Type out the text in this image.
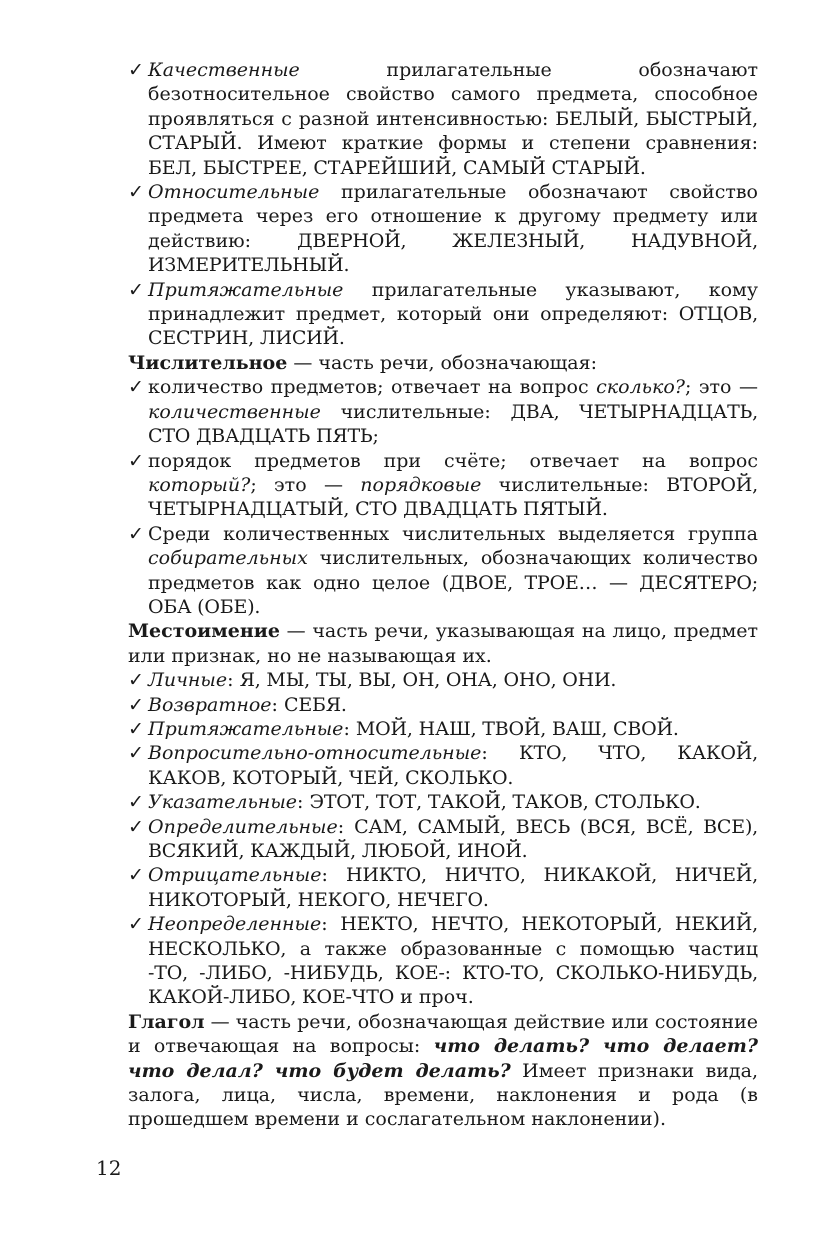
✓ Качественные прилагательные обозначают безотносительное свойство самого предмета, способное проявляться с разной интенсивностью: БЕЛЫЙ, БЫСТРЫЙ, СТАРЫЙ. Имеют краткие формы и степени сравнения: БЕЛ, БЫСТРЕЕ, СТАРЕЙШИЙ, САМЫЙ СТАРЫЙ.
✓ Относительные прилагательные обозначают свойство предмета через его отношение к другому предмету или действию: ДВЕРНОЙ, ЖЕЛЕЗНЫЙ, НАДУВНОЙ, ИЗМЕРИТЕЛЬНЫЙ.
✓ Притяжательные прилагательные указывают, кому принадлежит предмет, который они определяют: ОТЦОВ, СЕСТРИН, ЛИСИЙ.
Числительное — часть речи, обозначающая:
✓ количество предметов; отвечает на вопрос сколько?; это — количественные числительные: ДВА, ЧЕТЫРНАДЦАТЬ, СТО ДВАДЦАТЬ ПЯТЬ;
✓ порядок предметов при счёте; отвечает на вопрос который?; это — порядковые числительные: ВТОРОЙ, ЧЕТЫРНАДЦАТЫЙ, СТО ДВАДЦАТЬ ПЯТЫЙ.
✓ Среди количественных числительных выделяется группа собирательных числительных, обозначающих количество предметов как одно целое (ДВОЕ, ТРОЕ… — ДЕСЯТЕРО; ОБА (ОБЕ).
Местоимение — часть речи, указывающая на лицо, предмет или признак, но не называющая их.
✓ Личные: Я, МЫ, ТЫ, ВЫ, ОН, ОНА, ОНО, ОНИ.
✓ Возвратное: СЕБЯ.
✓ Притяжательные: МОЙ, НАШ, ТВОЙ, ВАШ, СВОЙ.
✓ Вопросительно-относительные: КТО, ЧТО, КАКОЙ, КАКОВ, КОТОРЫЙ, ЧЕЙ, СКОЛЬКО.
✓ Указательные: ЭТОТ, ТОТ, ТАКОЙ, ТАКОВ, СТОЛЬКО.
✓ Определительные: САМ, САМЫЙ, ВЕСЬ (ВСЯ, ВСЁ, ВСЕ), ВСЯКИЙ, КАЖДЫЙ, ЛЮБОЙ, ИНОЙ.
✓ Отрицательные: НИКТО, НИЧТО, НИКАКОЙ, НИЧЕЙ, НИКОТОРЫЙ, НЕКОГО, НЕЧЕГО.
✓ Неопределенные: НЕКТО, НЕЧТО, НЕКОТОРЫЙ, НЕКИЙ, НЕСКОЛЬКО, а также образованные с помощью частиц -ТО, -ЛИБО, -НИБУДЬ, КОЕ-: КТО-ТО, СКОЛЬКО-НИБУДЬ, КАКОЙ-ЛИБО, КОЕ-ЧТО и проч.
Глагол — часть речи, обозначающая действие или состояние и отвечающая на вопросы: что делать? что делает? что делал? что будет делать? Имеет признаки вида, залога, лица, числа, времени, наклонения и рода (в прошедшем времени и сослагательном наклонении).
12
